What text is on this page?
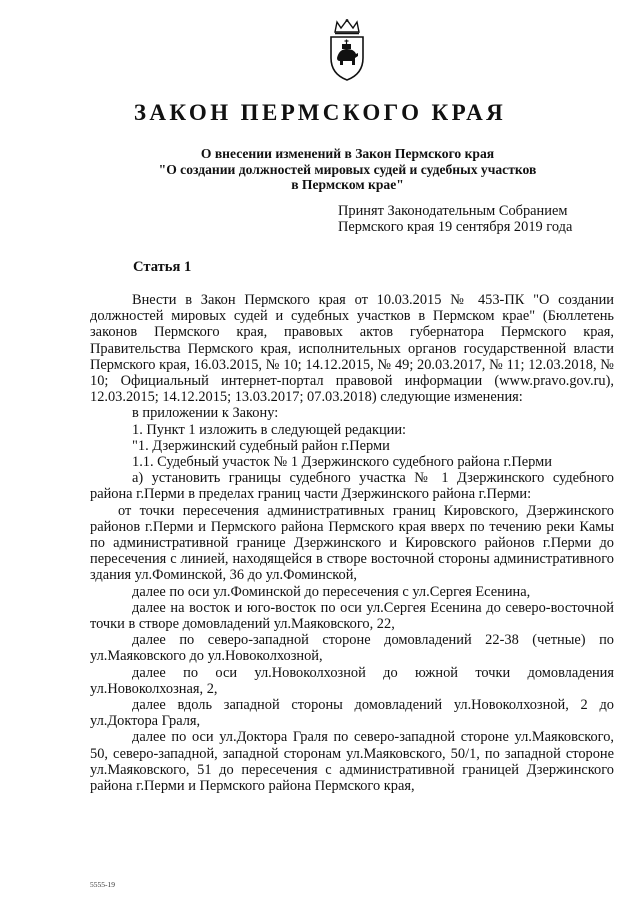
ЗАКОН ПЕРМСКОГО КРАЯ
О внесении изменений в Закон Пермского края
"О создании должностей мировых судей и судебных участков
в Пермском крае"
Принят Законодательным Собранием
Пермского края 19 сентября 2019 года
Статья 1

Внести в Закон Пермского края от 10.03.2015 № 453-ПК "О создании должностей мировых судей и судебных участков в Пермском крае" (Бюллетень законов Пермского края, правовых актов губернатора Пермского края, Правительства Пермского края, исполнительных органов государственной власти Пермского края, 16.03.2015, № 10; 14.12.2015, № 49; 20.03.2017, № 11; 12.03.2018, № 10; Официальный интернет-портал правовой информации (www.pravo.gov.ru), 12.03.2015; 14.12.2015; 13.03.2017; 07.03.2018) следующие изменения:

в приложении к Закону:

1. Пункт 1 изложить в следующей редакции:

"1. Дзержинский судебный район г.Перми

1.1. Судебный участок № 1 Дзержинского судебного района г.Перми

а) установить границы судебного участка № 1 Дзержинского судебного района г.Перми в пределах границ части Дзержинского района г.Перми:

от точки пересечения административных границ Кировского, Дзержинского районов г.Перми и Пермского района Пермского края вверх по течению реки Камы по административной границе Дзержинского и Кировского районов г.Перми до пересечения с линией, находящейся в створе восточной стороны административного здания ул.Фоминской, 36 до ул.Фоминской,

далее по оси ул.Фоминской до пересечения с ул.Сергея Есенина,

далее на восток и юго-восток по оси ул.Сергея Есенина до северо-восточной точки в створе домовладений ул.Маяковского, 22,

далее по северо-западной стороне домовладений 22-38 (четные) по ул.Маяковского до ул.Новоколхозной,

далее по оси ул.Новоколхозной до южной точки домовладения ул.Новоколхозная, 2,

далее вдоль западной стороны домовладений ул.Новоколхозной, 2 до ул.Доктора Граля,

далее по оси ул.Доктора Граля по северо-западной стороне ул.Маяковского, 50, северо-западной, западной сторонам ул.Маяковского, 50/1, по западной стороне ул.Маяковского, 51 до пересечения с административной границей Дзержинского района г.Перми и Пермского района Пермского края,

5555-19
